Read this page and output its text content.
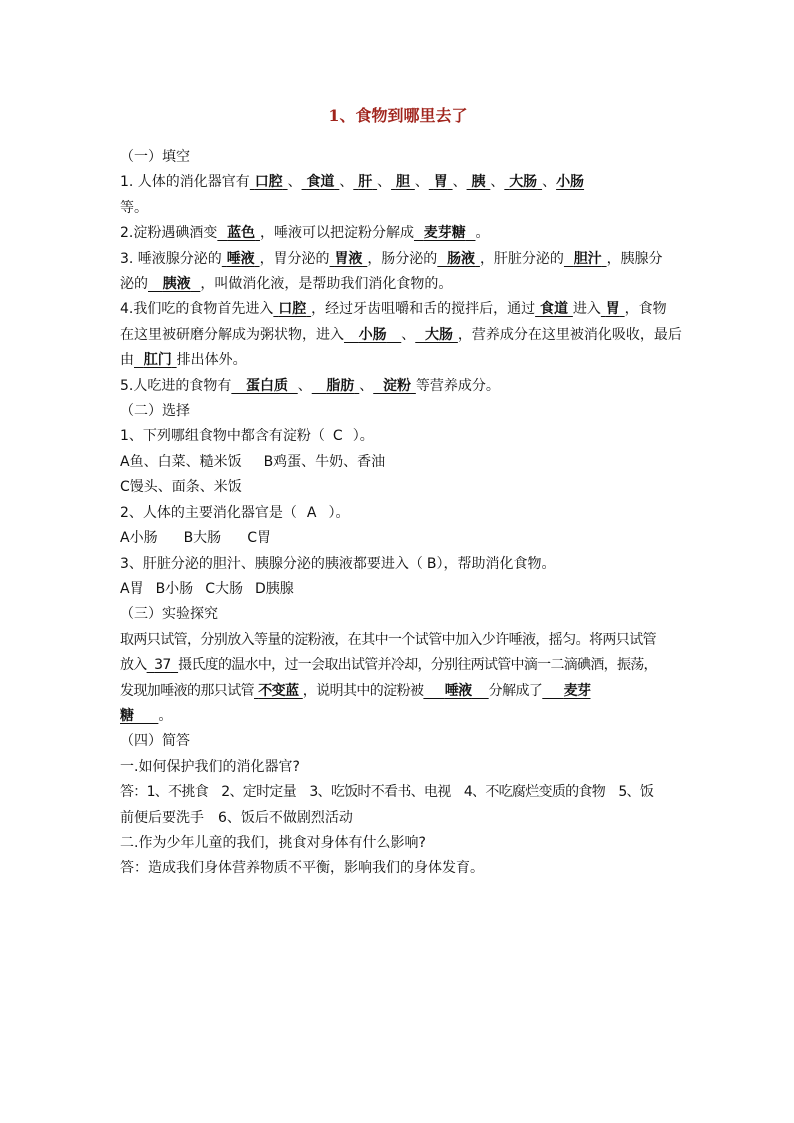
1、食物到哪里去了
（一）填空
1. 人体的消化器官有 口腔 、 食道 、 肝 、 胆 、 胃 、 胰 、 大肠 、小肠
等。
2.淀粉遇碘酒变 蓝色 ，唾液可以把淀粉分解成 麦芽糖 。
3. 唾液腺分泌的 唾液 ，胃分泌的 胃液 ，肠分泌的 肠液 ，肝脏分泌的 胆汁 ，胰腺分
泌的 胰液 ，叫做消化液，是帮助我们消化食物的。
4.我们吃的食物首先进入 口腔 ，经过牙齿咀嚼和舌的搅拌后，通过 食道 进入 胃 ，食物
在这里被研磨分解成为粥状物，进入 小肠 、 大肠 ，营养成分在这里被消化吸收，最后
由 肛门 排出体外。
5.人吃进的食物有 蛋白质 、 脂肪 、 淀粉 等营养成分。
（二）选择
1、下列哪组食物中都含有淀粉（ C ）。
A鱼、白菜、糙米饭 B鸡蛋、牛奶、香油
C馒头、面条、米饭
2、人体的主要消化器官是（ A ）。
A小肠 B大肠 C胃
3、肝脏分泌的胆汁、胰腺分泌的胰液都要进入（ B），帮助消化食物。
A胃 B小肠 C大肠 D胰腺
（三）实验探究
取两只试管，分别放入等量的淀粉液，在其中一个试管中加入少许唾液，摇匀。将两只试管
放入 37 摄氏度的温水中，过一会取出试管并冷却，分别往两试管中滴一二滴碘酒，振荡，
发现加唾液的那只试管 不变蓝 ，说明其中的淀粉被 唾液 分解成了 麦芽
糖 。
（四）简答
一.如何保护我们的消化器官?
答：1、不挑食　2、定时定量　3、吃饭时不看书、电视　4、不吃腐烂变质的食物　5、饭
前便后要洗手　6、饭后不做剧烈活动
二.作为少年儿童的我们，挑食对身体有什么影响?
答：造成我们身体营养物质不平衡，影响我们的身体发育。
